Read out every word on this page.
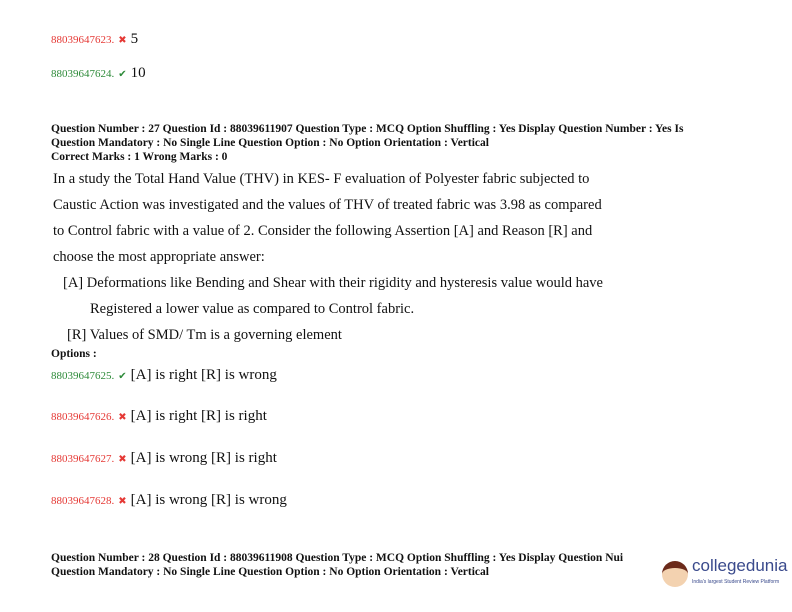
88039647623. ✖ 5
88039647624. ✔ 10
Question Number : 27 Question Id : 88039611907 Question Type : MCQ Option Shuffling : Yes Display Question Number : Yes Is
Question Mandatory : No Single Line Question Option : No Option Orientation : Vertical
Correct Marks : 1 Wrong Marks : 0
In a study the Total Hand Value (THV) in KES- F evaluation of Polyester fabric subjected to
Caustic Action was investigated and the values of THV of treated fabric was 3.98 as compared
to Control fabric with a value of 2. Consider the following Assertion [A] and Reason [R] and
choose the most appropriate answer:
[A] Deformations like Bending and Shear with their rigidity and hysteresis value would have
Registered a lower value as compared to Control fabric.
[R] Values of SMD/ Tm is a governing element
Options :
88039647625. ✔ [A] is right [R] is wrong
88039647626. ✖ [A] is right [R] is right
88039647627. ✖ [A] is wrong [R] is right
88039647628. ✖ [A] is wrong [R] is wrong
Question Number : 28 Question Id : 88039611908 Question Type : MCQ Option Shuffling : Yes Display Question Nui
Question Mandatory : No Single Line Question Option : No Option Orientation : Vertical	collegedunia
India's largest Student Review Platform
